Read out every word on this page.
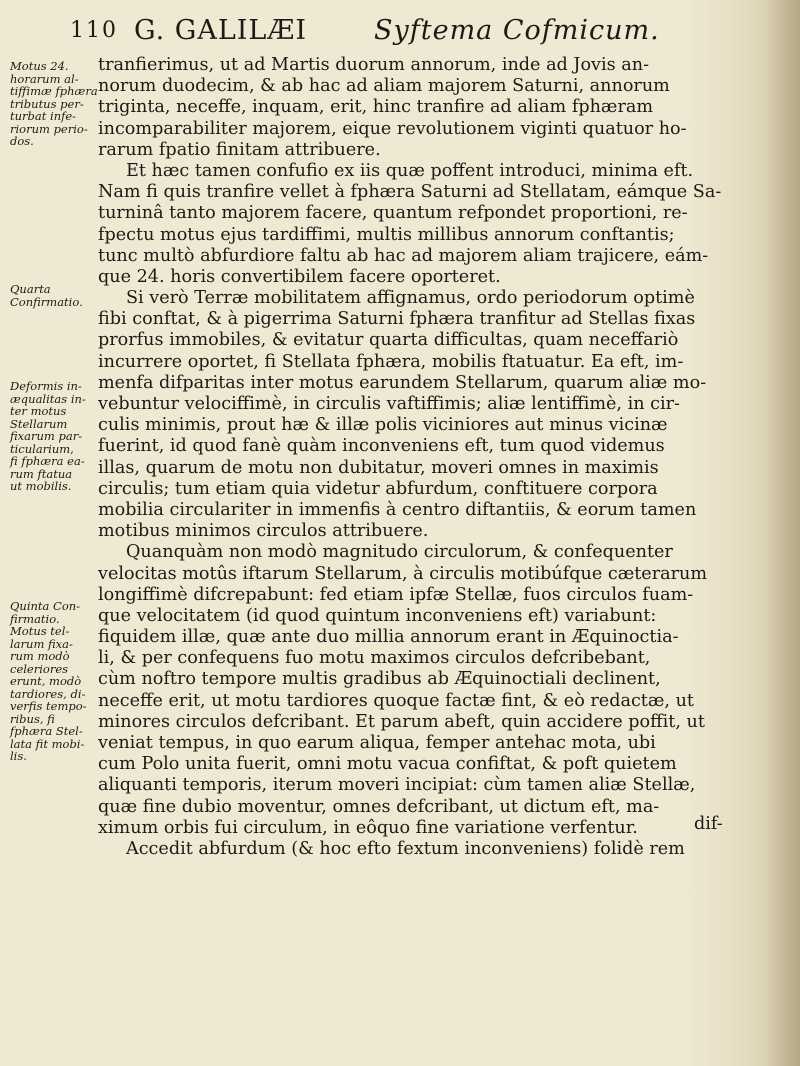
110 G. GALILÆI	Syftema Cofmicum.
Motus 24.
horarum al-
tiffimæ fphæra
tributus per-
turbat infe-
riorum perio-
dos.
Quarta
Confirmatio.
Deformis in-
æqualitas in-
ter motus
Stellarum
fixarum par-
ticularium,
fi fphæra ea-
rum ftatua
ut mobilis.
Quinta Con-
firmatio.
Motus tel-
larum fixa-
rum modò
celeriores
erunt, modò
tardiores, di-
verfis tempo-
ribus, fi
fphæra Stel-
lata fit mobi-
lis.
tranfierimus, ut ad Martis duorum annorum, inde ad Jovis an-
norum duodecim, & ab hac ad aliam majorem Saturni, annorum
triginta, neceffe, inquam, erit, hinc tranfire ad aliam fphæram
incomparabiliter majorem, eique revolutionem viginti quatuor ho-
rarum fpatio finitam attribuere.
Et hæc tamen confufio ex iis quæ poffent introduci, minima eft.
Nam fi quis tranfire vellet à fphæra Saturni ad Stellatam, eámque Sa-
turninâ tanto majorem facere, quantum refpondet proportioni, re-
fpectu motus ejus tardiffimi, multis millibus annorum conftantis;
tunc multò abfurdiore faltu ab hac ad majorem aliam trajicere, eám-
que 24. horis convertibilem facere oporteret.
Si verò Terræ mobilitatem affignamus, ordo periodorum optimè
fibi conftat, & à pigerrima Saturni fphæra tranfitur ad Stellas fixas
prorfus immobiles, & evitatur quarta difficultas, quam neceffariò
incurrere oportet, fi Stellata fphæra, mobilis ftatuatur. Ea eft, im-
menfa difparitas inter motus earundem Stellarum, quarum aliæ mo-
vebuntur velociffimè, in circulis vaftiffimis; aliæ lentiffimè, in cir-
culis minimis, prout hæ & illæ polis viciniores aut minus vicinæ
fuerint, id quod fanè quàm inconveniens eft, tum quod videmus
illas, quarum de motu non dubitatur, moveri omnes in maximis
circulis; tum etiam quia videtur abfurdum, conftituere corpora
mobilia circulariter in immenfis à centro diftantiis, & eorum tamen
motibus minimos circulos attribuere.
Quanquàm non modò magnitudo circulorum, & confequenter
velocitas motûs iftarum Stellarum, à circulis motibúfque cæterarum
longiffimè difcrepabunt: fed etiam ipfæ Stellæ, fuos circulos fuam-
que velocitatem (id quod quintum inconveniens eft) variabunt:
fiquidem illæ, quæ ante duo millia annorum erant in Æquinoctia-
li, & per confequens fuo motu maximos circulos defcribebant,
cùm noftro tempore multis gradibus ab Æquinoctiali declinent,
neceffe erit, ut motu tardiores quoque factæ fint, & eò redactæ, ut
minores circulos defcribant. Et parum abeft, quin accidere poffit, ut
veniat tempus, in quo earum aliqua, femper antehac mota, ubi
cum Polo unita fuerit, omni motu vacua confiftat, & poft quietem
aliquanti temporis, iterum moveri incipiat: cùm tamen aliæ Stellæ,
quæ fine dubio moventur, omnes defcribant, ut dictum eft, ma-
ximum orbis fui circulum, in eôquo fine variatione verfentur.
Accedit abfurdum (& hoc efto fextum inconveniens) folidè rem
dif-
